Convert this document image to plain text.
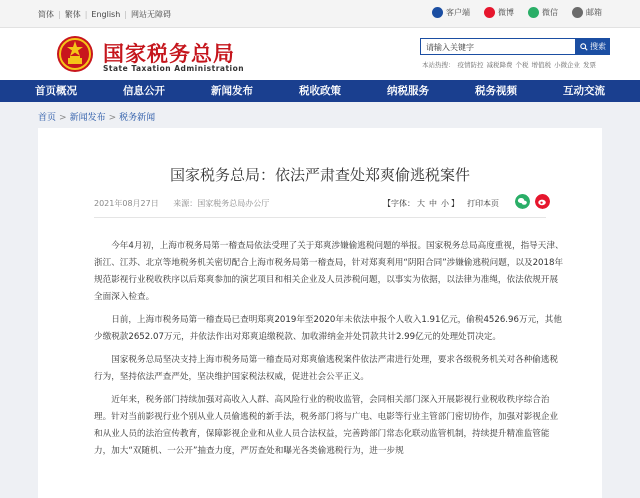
简体 | 繁体 | English | 网站无障碍	客户端	微博	微信	邮箱
国家税务总局
State Taxation Administration
请输入关键字	搜索
本站热搜： 疫情防控 减税降费 个税 增值税 小微企业 发票
首页概况	信息公开	新闻发布	税收政策	纳税服务	税务视频	互动交流
首页 > 新闻发布 > 税务新闻
国家税务总局：依法严肃查处郑爽偷逃税案件
2021年08月27日 来源：国家税务总局办公厅	【字体： 大 中 小 】 打印本页

今年4月初，上海市税务局第一稽查局依法受理了关于郑爽涉嫌偷逃税问题的举报。国家税务总局高度重视，指导天津、浙江、江苏、北京等地税务机关密切配合上海市税务局第一稽查局，针对郑爽利用“阴阳合同”涉嫌偷逃税问题，以及2018年规范影视行业税收秩序以后郑爽参加的演艺项目和相关企业及人员涉税问题，以事实为依据，以法律为准绳，依法依规开展全面深入检查。

日前，上海市税务局第一稽查局已查明郑爽2019年至2020年未依法申报个人收入1.91亿元，偷税4526.96万元，其他少缴税款2652.07万元，并依法作出对郑爽追缴税款、加收滞纳金并处罚款共计2.99亿元的处理处罚决定。

国家税务总局坚决支持上海市税务局第一稽查局对郑爽偷逃税案件依法严肃进行处理，要求各级税务机关对各种偷逃税行为，坚持依法严查严处，坚决维护国家税法权威，促进社会公平正义。

近年来，税务部门持续加强对高收入人群、高风险行业的税收监管，会同相关部门深入开展影视行业税收秩序综合治理。针对当前影视行业个别从业人员偷逃税的新手法，税务部门将与广电、电影等行业主管部门密切协作，加强对影视企业和从业人员的法治宣传教育，保障影视企业和从业人员合法权益，完善跨部门常态化联动监管机制，持续提升精准监管能力，加大“双随机、一公开”抽查力度，严厉查处和曝光各类偷逃税行为，进一步规
